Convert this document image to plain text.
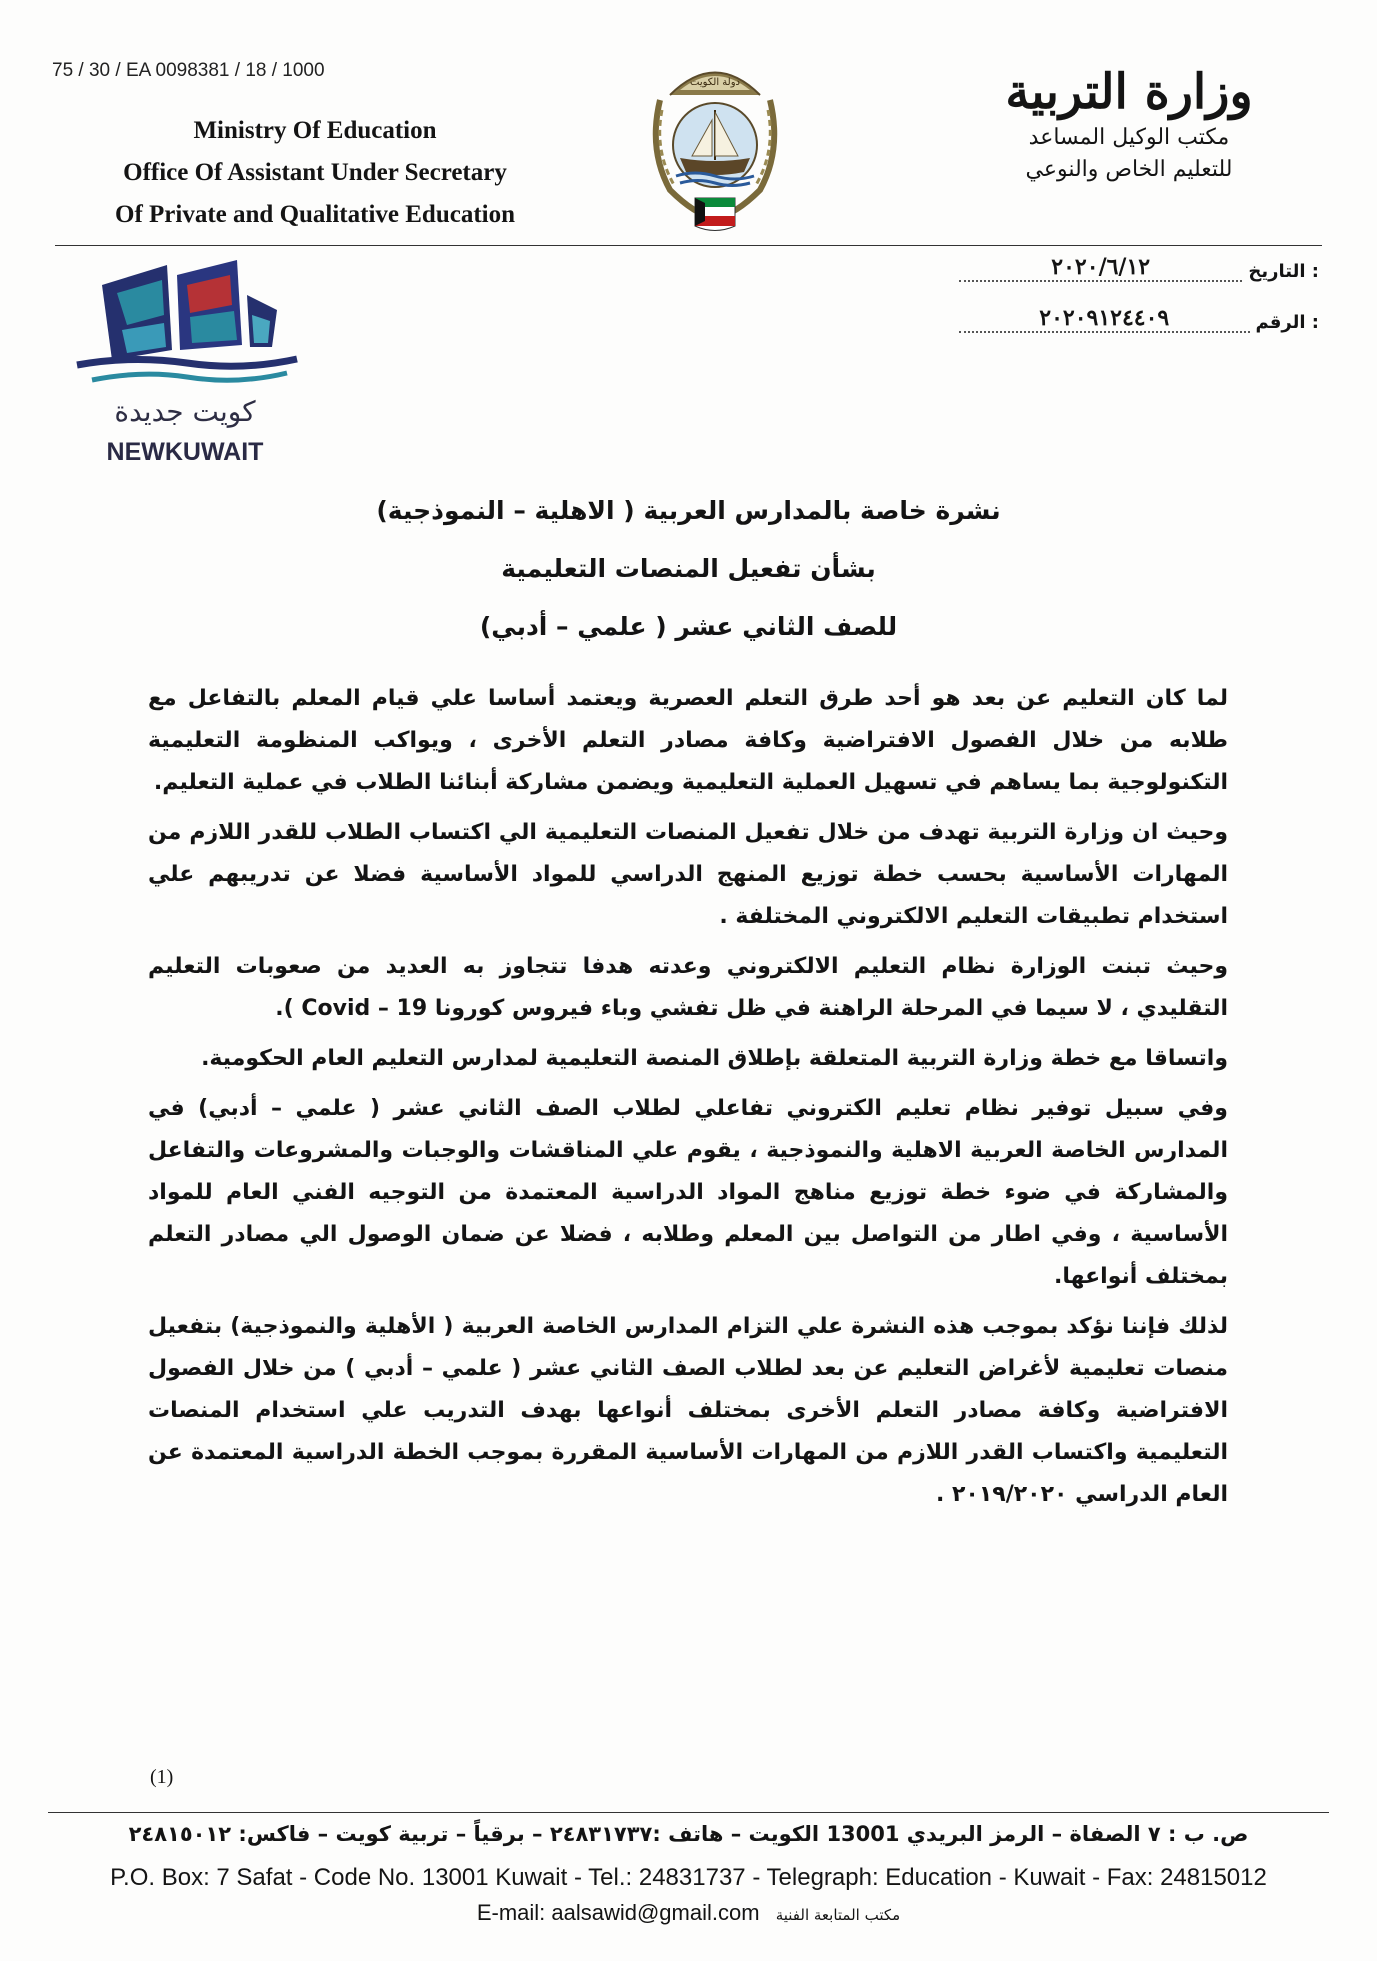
75 / 30 / EA 0098381 / 18 / 1000
Ministry Of Education
Office Of Assistant Under Secretary
Of Private and Qualitative Education
دولة الكويت	وزارة التربية
مكتب الوكيل المساعد
للتعليم الخاص والنوعي
التاريخ :
٢٠٢٠/٦/١٢
الرقم :
٢٠٢٠٩١٢٤٤٠٩
كويت جديدة
NEWKUWAIT
نشرة خاصة بالمدارس العربية ( الاهلية – النموذجية)
بشأن تفعيل المنصات التعليمية
للصف الثاني عشر ( علمي – أدبي)

لما كان التعليم عن بعد هو أحد طرق التعلم العصرية ويعتمد أساسا علي قيام المعلم بالتفاعل مع طلابه من خلال الفصول الافتراضية وكافة مصادر التعلم الأخرى ، ويواكب المنظومة التعليمية التكنولوجية بما يساهم في تسهيل العملية التعليمية ويضمن مشاركة أبنائنا الطلاب في عملية التعليم.

وحيث ان وزارة التربية تهدف من خلال تفعيل المنصات التعليمية الي اكتساب الطلاب للقدر اللازم من المهارات الأساسية بحسب خطة توزيع المنهج الدراسي للمواد الأساسية فضلا عن تدريبهم علي استخدام تطبيقات التعليم الالكتروني المختلفة .

وحيث تبنت الوزارة نظام التعليم الالكتروني وعدته هدفا تتجاوز به العديد من صعوبات التعليم التقليدي ، لا سيما في المرحلة الراهنة في ظل تفشي وباء فيروس كورونا Covid – 19 ).

واتساقا مع خطة وزارة التربية المتعلقة بإطلاق المنصة التعليمية لمدارس التعليم العام الحكومية.

وفي سبيل توفير نظام تعليم الكتروني تفاعلي لطلاب الصف الثاني عشر ( علمي – أدبي) في المدارس الخاصة العربية الاهلية والنموذجية ، يقوم علي المناقشات والوجبات والمشروعات والتفاعل والمشاركة في ضوء خطة توزيع مناهج المواد الدراسية المعتمدة من التوجيه الفني العام للمواد الأساسية ، وفي اطار من التواصل بين المعلم وطلابه ، فضلا عن ضمان الوصول الي مصادر التعلم بمختلف أنواعها.

لذلك فإننا نؤكد بموجب هذه النشرة علي التزام المدارس الخاصة العربية ( الأهلية والنموذجية) بتفعيل منصات تعليمية لأغراض التعليم عن بعد لطلاب الصف الثاني عشر ( علمي – أدبي ) من خلال الفصول الافتراضية وكافة مصادر التعلم الأخرى بمختلف أنواعها بهدف التدريب علي استخدام المنصات التعليمية واكتساب القدر اللازم من المهارات الأساسية المقررة بموجب الخطة الدراسية المعتمدة عن العام الدراسي ٢٠١٩/٢٠٢٠ .

(1)
ص. ب : ٧ الصفاة – الرمز البريدي 13001 الكويت – هاتف :٢٤٨٣١٧٣٧ – برقياً – تربية كويت – فاكس: ٢٤٨١٥٠١٢
P.O. Box: 7 Safat - Code No. 13001 Kuwait - Tel.: 24831737 - Telegraph: Education - Kuwait - Fax: 24815012
E-mail: aalsawid@gmail.com مكتب المتابعة الفنية
